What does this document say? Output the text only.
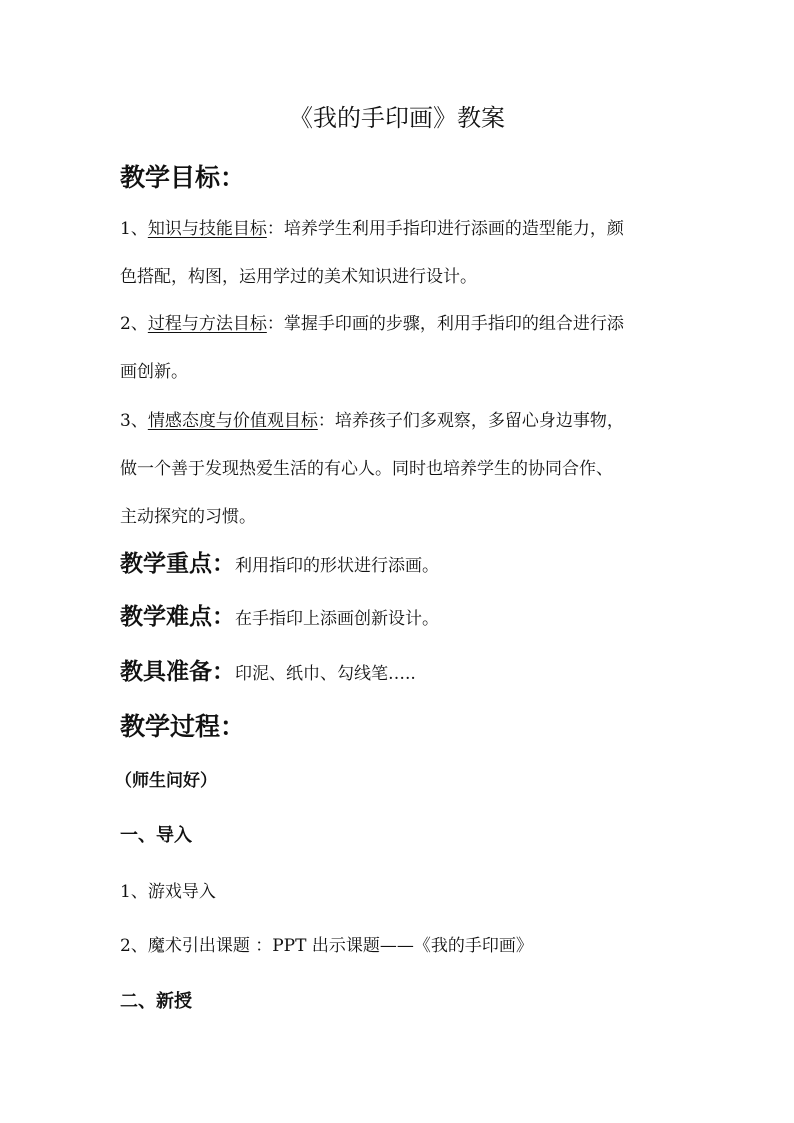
《我的手印画》教案
教学目标：
1、知识与技能目标：培养学生利用手指印进行添画的造型能力，颜
色搭配，构图，运用学过的美术知识进行设计。
2、过程与方法目标：掌握手印画的步骤，利用手指印的组合进行添
画创新。
3、情感态度与价值观目标：培养孩子们多观察，多留心身边事物，
做一个善于发现热爱生活的有心人。同时也培养学生的协同合作、
主动探究的习惯。
教学重点：利用指印的形状进行添画。
教学难点：在手指印上添画创新设计。
教具准备：印泥、纸巾、勾线笔…..
教学过程：
（师生问好）
一、导入
1、游戏导入
2、魔术引出课题 ：PPT 出示课题——《我的手印画》
二、新授
